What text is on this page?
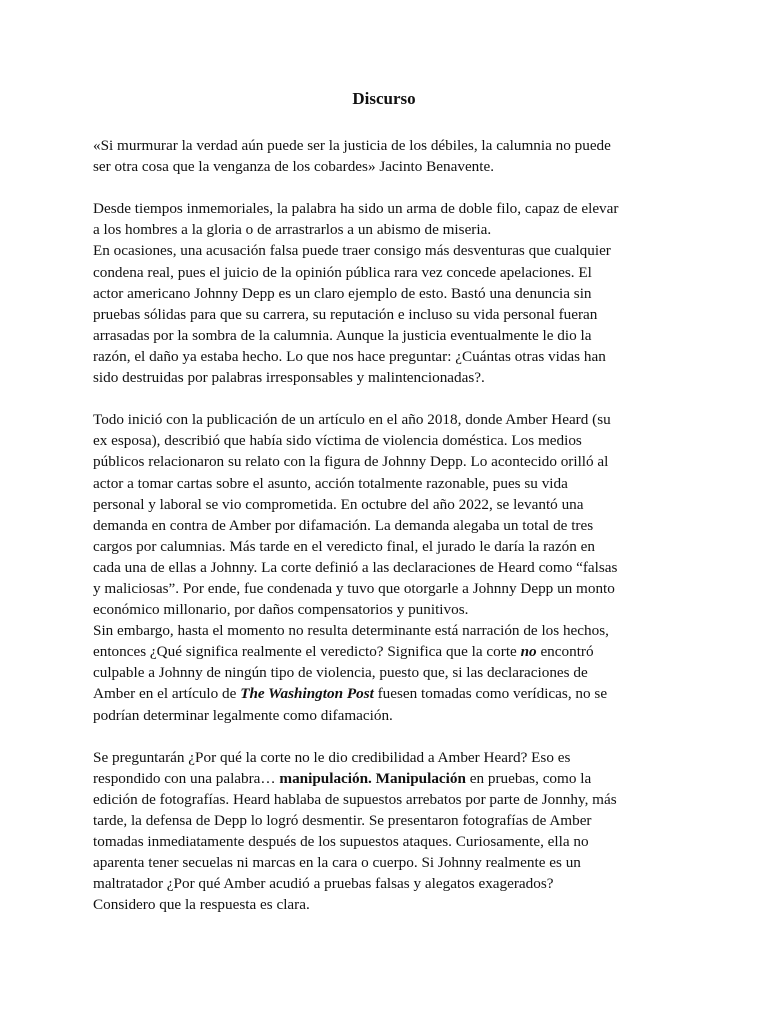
Discurso
«Si murmurar la verdad aún puede ser la justicia de los débiles, la calumnia no puede
ser otra cosa que la venganza de los cobardes» Jacinto Benavente.
Desde tiempos inmemoriales, la palabra ha sido un arma de doble filo, capaz de elevar
a los hombres a la gloria o de arrastrarlos a un abismo de miseria.
En ocasiones, una acusación falsa puede traer consigo más desventuras que cualquier
condena real, pues el juicio de la opinión pública rara vez concede apelaciones. El
actor americano Johnny Depp es un claro ejemplo de esto. Bastó una denuncia sin
pruebas sólidas para que su carrera, su reputación e incluso su vida personal fueran
arrasadas por la sombra de la calumnia. Aunque la justicia eventualmente le dio la
razón, el daño ya estaba hecho. Lo que nos hace preguntar: ¿Cuántas otras vidas han
sido destruidas por palabras irresponsables y malintencionadas?.
Todo inició con la publicación de un artículo en el año 2018, donde Amber Heard (su
ex esposa), describió que había sido víctima de violencia doméstica. Los medios
públicos relacionaron su relato con la figura de Johnny Depp. Lo acontecido orilló al
actor a tomar cartas sobre el asunto, acción totalmente razonable, pues su vida
personal y laboral se vio comprometida. En octubre del año 2022, se levantó una
demanda en contra de Amber por difamación. La demanda alegaba un total de tres
cargos por calumnias. Más tarde en el veredicto final, el jurado le daría la razón en
cada una de ellas a Johnny. La corte definió a las declaraciones de Heard como “falsas
y maliciosas”. Por ende, fue condenada y tuvo que otorgarle a Johnny Depp un monto
económico millonario, por daños compensatorios y punitivos.
Sin embargo, hasta el momento no resulta determinante está narración de los hechos,
entonces ¿Qué significa realmente el veredicto? Significa que la corte no encontró
culpable a Johnny de ningún tipo de violencia, puesto que, si las declaraciones de
Amber en el artículo de The Washington Post fuesen tomadas como verídicas, no se
podrían determinar legalmente como difamación.
Se preguntarán ¿Por qué la corte no le dio credibilidad a Amber Heard? Eso es
respondido con una palabra… manipulación. Manipulación en pruebas, como la
edición de fotografías. Heard hablaba de supuestos arrebatos por parte de Jonnhy, más
tarde, la defensa de Depp lo logró desmentir. Se presentaron fotografías de Amber
tomadas inmediatamente después de los supuestos ataques. Curiosamente, ella no
aparenta tener secuelas ni marcas en la cara o cuerpo. Si Johnny realmente es un
maltratador ¿Por qué Amber acudió a pruebas falsas y alegatos exagerados?
Considero que la respuesta es clara.
